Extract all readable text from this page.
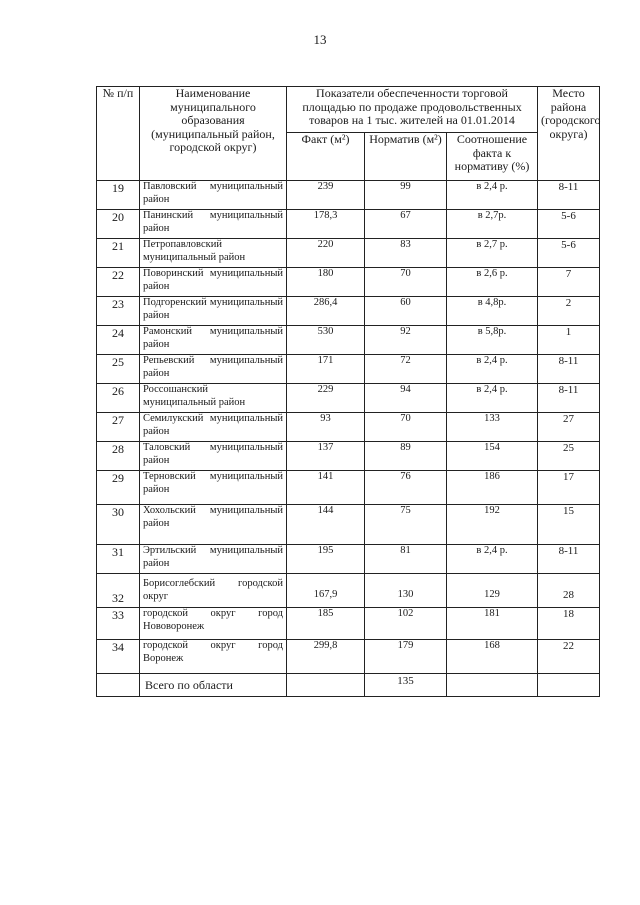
13
№ п/п	Наименование муниципального образования (муниципальный район, городской округ)	Показатели обеспеченности торговой площадью по продаже продовольственных товаров на 1 тыс. жителей на 01.01.2014			Место района (городского округа)
		Факт (м²)	Норматив (м²)	Соотношение факта к нормативу (%)	
19	Павловский муниципальный район	239	99	в 2,4 р.	8-11
20	Панинский муниципальный район	178,3	67	в 2,7р.	5-6
21	Петропавловский муниципальный район	220	83	в 2,7 р.	5-6
22	Поворинский муниципальный район	180	70	в 2,6 р.	7
23	Подгоренский муниципальный район	286,4	60	в 4,8р.	2
24	Рамонский муниципальный район	530	92	в 5,8р.	1
25	Репьевский муниципальный район	171	72	в 2,4 р.	8-11
26	Россошанский муниципальный район	229	94	в 2,4 р.	8-11
27	Семилукский муниципальный район	93	70	133	27
28	Таловский муниципальный район	137	89	154	25
29	Терновский муниципальный район	141	76	186	17
30	Хохольский муниципальный район	144	75	192	15
31	Эртильский муниципальный район	195	81	в 2,4 р.	8-11
32	Борисоглебский городской округ	167,9	130	129	28
33	городской округ город Нововоронеж	185	102	181	18
34	городской округ город Воронеж	299,8	179	168	22
	Всего по области		135		
